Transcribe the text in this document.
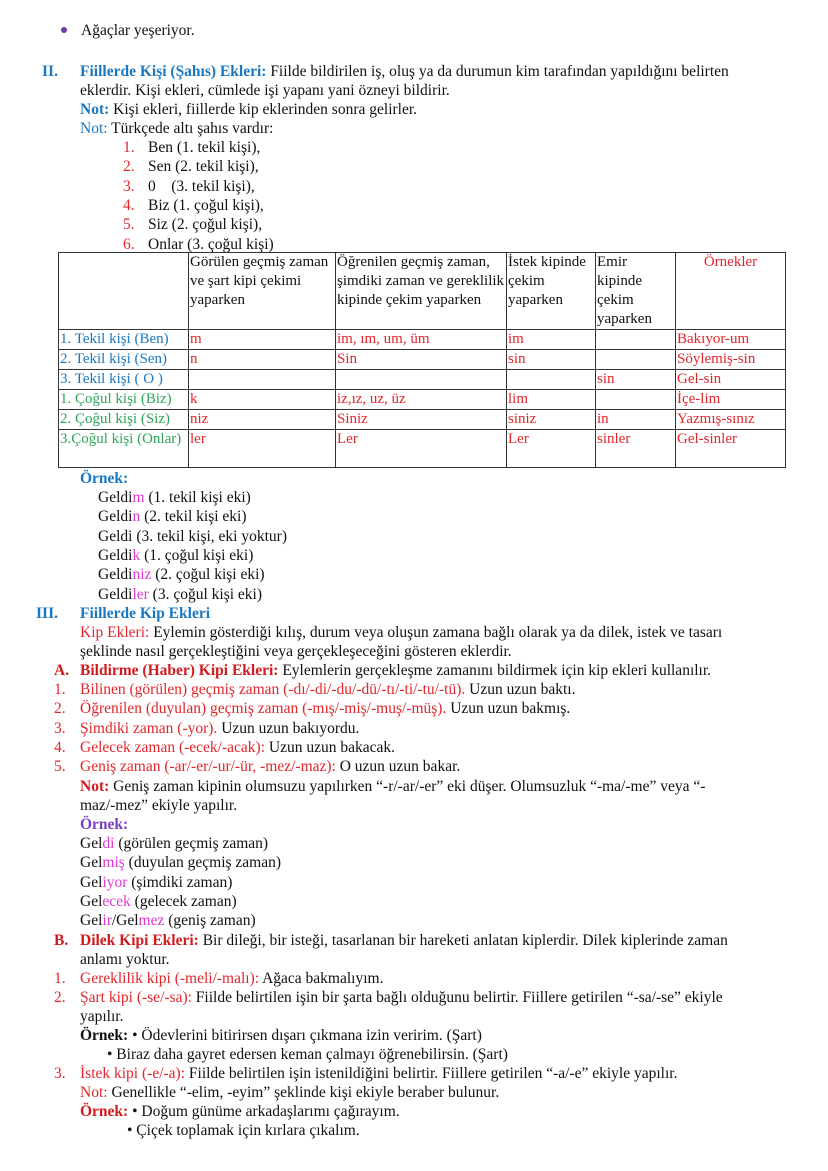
Ağaçlar yeşeriyor.
II. Fiillerde Kişi (Şahıs) Ekleri: Fiilde bildirilen iş, oluş ya da durumun kim tarafından yapıldığını belirten
eklerdir. Kişi ekleri, cümlede işi yapanı yani özneyi bildirir.
Not: Kişi ekleri, fiillerde kip eklerinden sonra gelirler.
Not: Türkçede altı şahıs vardır:
1. Ben (1. tekil kişi),
2. Sen (2. tekil kişi),
3. 0    (3. tekil kişi),
4. Biz (1. çoğul kişi),
5. Siz (2. çoğul kişi),
6. Onlar (3. çoğul kişi)
	Görülen geçmiş zaman ve şart kipi çekimi yaparken	Öğrenilen geçmiş zaman, şimdiki zaman ve gereklilik kipinde çekim yaparken	İstek kipinde çekim yaparken	Emir kipinde çekim yaparken	Örnekler
1. Tekil kişi (Ben)	m	im, ım, um, üm	im		Bakıyor-um
2. Tekil kişi (Sen)	n	Sin	sin		Söylemiş-sin
3. Tekil kişi ( O )				sin	Gel-sin
1. Çoğul kişi (Biz)	k	iz,ız, uz, üz	lim		İçe-lim
2. Çoğul kişi (Siz)	niz	Siniz	siniz	in	Yazmış-sınız
3.Çoğul kişi (Onlar)	ler	Ler	Ler	sinler	Gel-sinler
Örnek:
Geldim (1. tekil kişi eki)
Geldin (2. tekil kişi eki)
Geldi (3. tekil kişi, eki yoktur)
Geldik (1. çoğul kişi eki)
Geldiniz (2. çoğul kişi eki)
Geldiler (3. çoğul kişi eki)
III. Fiillerde Kip Ekleri
Kip Ekleri: Eylemin gösterdiği kılış, durum veya oluşun zamana bağlı olarak ya da dilek, istek ve tasarı
şeklinde nasıl gerçekleştiğini veya gerçekleşeceğini gösteren eklerdir.
A. Bildirme (Haber) Kipi Ekleri: Eylemlerin gerçekleşme zamanını bildirmek için kip ekleri kullanılır.
1. Bilinen (görülen) geçmiş zaman (-dı/-di/-du/-dü/-tı/-ti/-tu/-tü). Uzun uzun baktı.
2. Öğrenilen (duyulan) geçmiş zaman (-mış/-miş/-muş/-müş). Uzun uzun bakmış.
3. Şimdiki zaman (-yor). Uzun uzun bakıyordu.
4. Gelecek zaman (-ecek/-acak): Uzun uzun bakacak.
5. Geniş zaman (-ar/-er/-ur/-ür, -mez/-maz): O uzun uzun bakar.
Not: Geniş zaman kipinin olumsuzu yapılırken “-r/-ar/-er” eki düşer. Olumsuzluk “-ma/-me” veya “-
maz/-mez” ekiyle yapılır.
Örnek:
Geldi (görülen geçmiş zaman)
Gelmiş (duyulan geçmiş zaman)
Geliyor (şimdiki zaman)
Gelecek (gelecek zaman)
Gelir/Gelmez (geniş zaman)
B. Dilek Kipi Ekleri: Bir dileği, bir isteği, tasarlanan bir hareketi anlatan kiplerdir. Dilek kiplerinde zaman
anlamı yoktur.
1. Gereklilik kipi (-meli/-malı): Ağaca bakmalıyım.
2. Şart kipi (-se/-sa): Fiilde belirtilen işin bir şarta bağlı olduğunu belirtir. Fiillere getirilen “-sa/-se” ekiyle
yapılır.
Örnek: • Ödevlerini bitirirsen dışarı çıkmana izin veririm. (Şart)
• Biraz daha gayret edersen keman çalmayı öğrenebilirsin. (Şart)
3. İstek kipi (-e/-a): Fiilde belirtilen işin istenildiğini belirtir. Fiillere getirilen “-a/-e” ekiyle yapılır.
Not: Genellikle “-elim, -eyim” şeklinde kişi ekiyle beraber bulunur.
Örnek: • Doğum günüme arkadaşlarımı çağırayım.
• Çiçek toplamak için kırlara çıkalım.
